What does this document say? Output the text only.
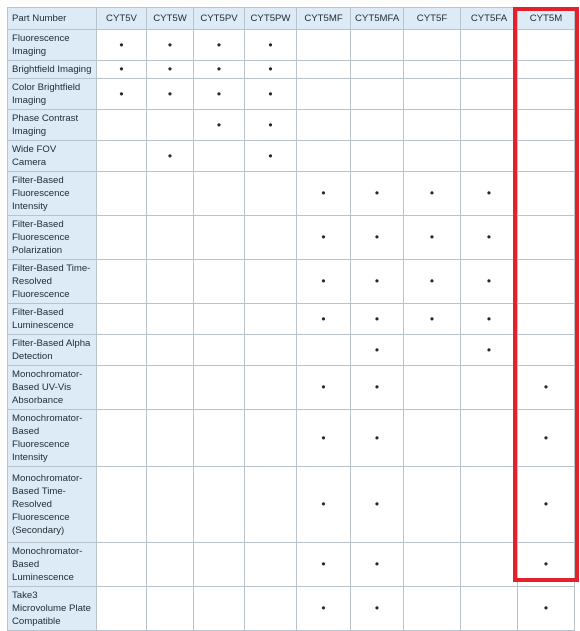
Part Number	CYT5V	CYT5W	CYT5PV	CYT5PW	CYT5MF	CYT5MFA	CYT5F	CYT5FA	CYT5M
Fluorescence Imaging	•	•	•	•					
Brightfield Imaging	•	•	•	•					
Color Brightfield Imaging	•	•	•	•					
Phase Contrast Imaging			•	•					
Wide FOV Camera		•		•					
Filter-Based Fluorescence Intensity					•	•	•	•	
Filter-Based Fluorescence Polarization					•	•	•	•	
Filter-Based Time-Resolved Fluorescence					•	•	•	•	
Filter-Based Luminescence					•	•	•	•	
Filter-Based Alpha Detection						•		•	
Monochromator-Based UV-Vis Absorbance					•	•			•
Monochromator-Based Fluorescence Intensity					•	•			•
Monochromator-Based Time-Resolved Fluorescence (Secondary)					•	•			•
Monochromator-Based Luminescence					•	•			•
Take3 Microvolume Plate Compatible					•	•			•
